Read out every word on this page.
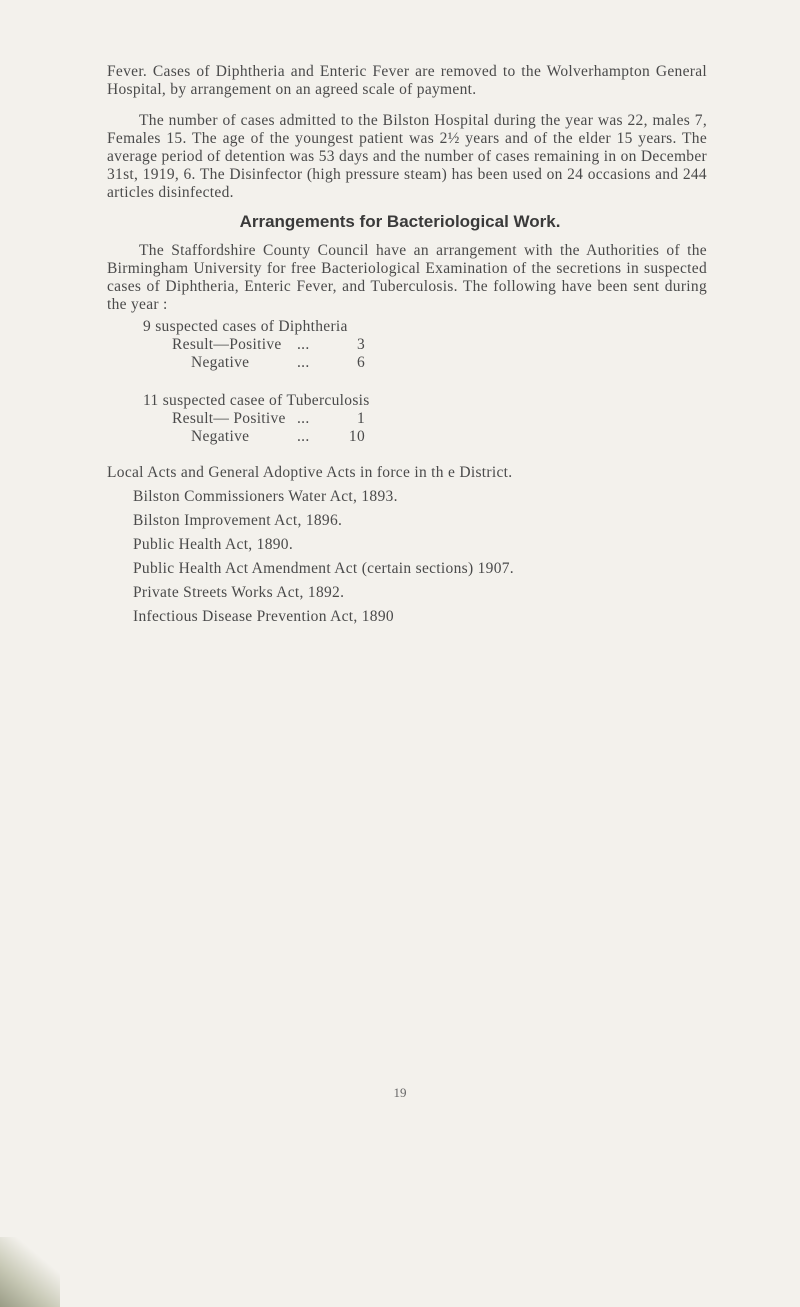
Fever. Cases of Diphtheria and Enteric Fever are removed to the Wolverhampton General Hospital, by arrangement on an agreed scale of payment.

The number of cases admitted to the Bilston Hospital during the year was 22, males 7, Females 15. The age of the youngest patient was 2½ years and of the elder 15 years. The average period of detention was 53 days and the number of cases remaining in on December 31st, 1919, 6. The Disinfector (high pressure steam) has been used on 24 occasions and 244 articles disinfected.

Arrangements for Bacteriological Work.

The Staffordshire County Council have an arrangement with the Authorities of the Birmingham University for free Bacteriological Examination of the secretions in suspected cases of Diphtheria, Enteric Fever, and Tuberculosis. The following have been sent during the year :

9 suspected cases of Diphtheria
Result—Positive ...	3
Negative	...	6
11 suspected casee of Tuberculosis
Result— Positive ...	1
Negative	...	10
Local Acts and General Adoptive Acts in force in th e District.
Bilston Commissioners Water Act, 1893.
Bilston Improvement Act, 1896.
Public Health Act, 1890.
Public Health Act Amendment Act (certain sections) 1907.
Private Streets Works Act, 1892.
Infectious Disease Prevention Act, 1890
19
